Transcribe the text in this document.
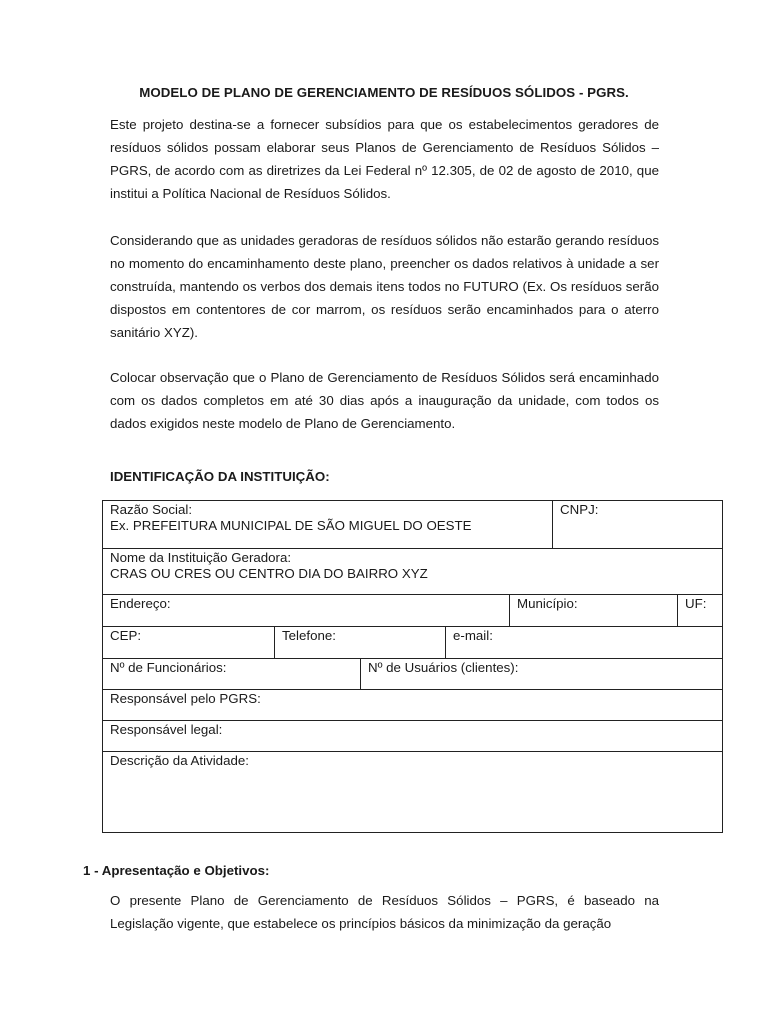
MODELO DE PLANO DE GERENCIAMENTO DE RESÍDUOS SÓLIDOS - PGRS.

Este projeto destina-se a fornecer subsídios para que os estabelecimentos geradores de resíduos sólidos possam elaborar seus Planos de Gerenciamento de Resíduos Sólidos – PGRS, de acordo com as diretrizes da Lei Federal nº 12.305, de 02 de agosto de 2010, que institui a Política Nacional de Resíduos Sólidos.

Considerando que as unidades geradoras de resíduos sólidos não estarão gerando resíduos no momento do encaminhamento deste plano, preencher os dados relativos à unidade a ser construída, mantendo os verbos dos demais itens todos no FUTURO (Ex. Os resíduos serão dispostos em contentores de cor marrom, os resíduos serão encaminhados para o aterro sanitário XYZ).

Colocar observação que o Plano de Gerenciamento de Resíduos Sólidos será encaminhado com os dados completos em até 30 dias após a inauguração da unidade, com todos os dados exigidos neste modelo de Plano de Gerenciamento.

IDENTIFICAÇÃO DA INSTITUIÇÃO:
Razão Social:
Ex. PREFEITURA MUNICIPAL DE SÃO MIGUEL DO OESTE
CNPJ:
Nome da Instituição Geradora:
CRAS OU CRES OU CENTRO DIA DO BAIRRO XYZ
Endereço:	Município:	UF:
CEP:	Telefone:	e-mail:
Nº de Funcionários:	Nº de Usuários (clientes):
Responsável pelo PGRS:
Responsável legal:
Descrição da Atividade:
1 - Apresentação e Objetivos:

O presente Plano de Gerenciamento de Resíduos Sólidos – PGRS, é baseado na Legislação vigente, que estabelece os princípios básicos da minimização da geração
